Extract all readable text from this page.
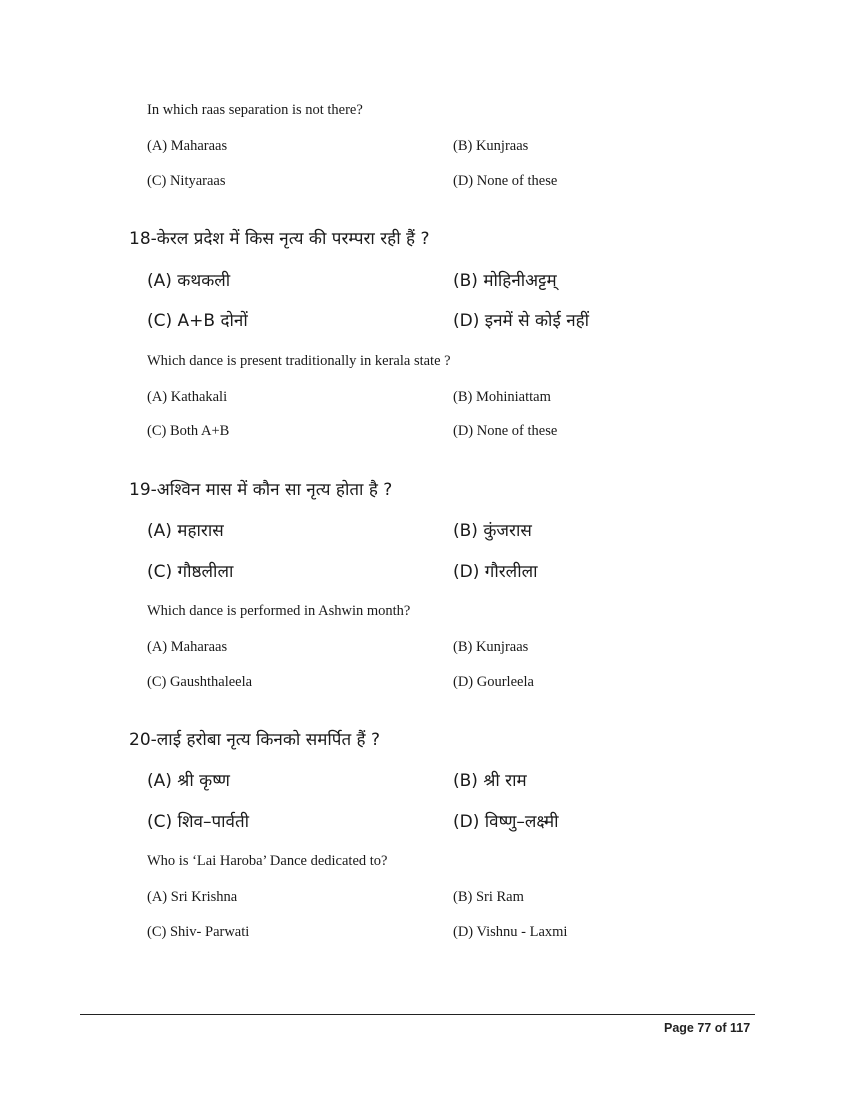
In which raas separation is not there?
(A) Maharaas	(B) Kunjraas
(C) Nityaraas	(D) None of these
18-केरल प्रदेश में किस नृत्य की परम्परा रही हैं ?
(A) कथकली	(B) मोहिनीअट्टम्
(C) A+B दोनों	(D) इनमें से कोई नहीं
Which dance is present traditionally in kerala state ?
(A) Kathakali	(B) Mohiniattam
(C) Both A+B	(D) None of these
19-अश्विन मास में कौन सा नृत्य होता है ?
(A) महारास	(B) कुंजरास
(C) गौष्ठलीला	(D) गौरलीला
Which dance is performed in Ashwin month?
(A) Maharaas	(B) Kunjraas
(C) Gaushthaleela	(D) Gourleela
20-लाई हरोबा नृत्य किनको समर्पित हैं ?
(A) श्री कृष्ण	(B) श्री राम
(C) शिव–पार्वती	(D) विष्णु–लक्ष्मी
Who is ‘Lai Haroba’ Dance dedicated to?
(A) Sri Krishna	(B) Sri Ram
(C) Shiv- Parwati	(D) Vishnu - Laxmi
Page 77 of 117
